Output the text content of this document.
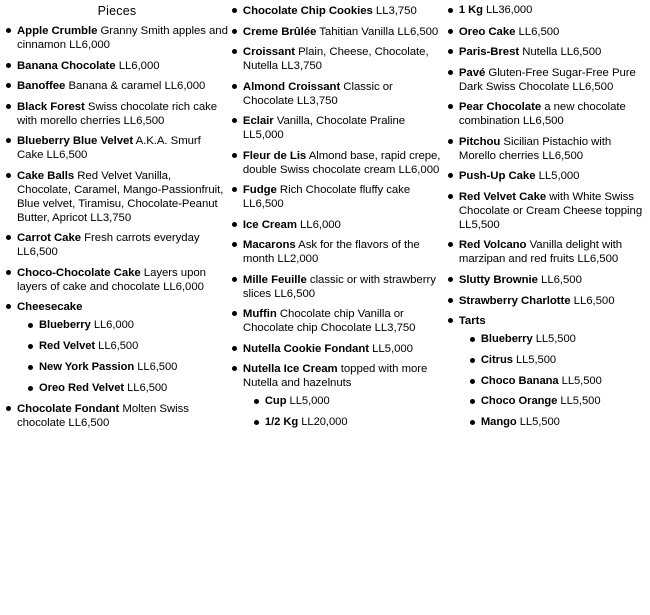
Pieces
Apple Crumble Granny Smith apples and cinnamon LL6,000
Banana Chocolate LL6,000
Banoffee Banana & caramel LL6,000
Black Forest Swiss chocolate rich cake with morello cherries LL6,500
Blueberry Blue Velvet A.K.A. Smurf Cake LL6,500
Cake Balls Red Velvet Vanilla, Chocolate, Caramel, Mango-Passionfruit, Blue velvet, Tiramisu, Chocolate-Peanut Butter, Apricot LL3,750
Carrot Cake Fresh carrots everyday LL6,500
Choco-Chocolate Cake Layers upon layers of cake and chocolate LL6,000
Cheesecake
Blueberry LL6,000
Red Velvet LL6,500
New York Passion LL6,500
Oreo Red Velvet LL6,500
Chocolate Fondant Molten Swiss chocolate LL6,500
Chocolate Chip Cookies LL3,750
Creme Brûlée Tahitian Vanilla LL6,500
Croissant Plain, Cheese, Chocolate, Nutella LL3,750
Almond Croissant Classic or Chocolate LL3,750
Eclair Vanilla, Chocolate Praline LL5,000
Fleur de Lis Almond base, rapid crepe, double Swiss chocolate cream LL6,000
Fudge Rich Chocolate fluffy cake LL6,500
Ice Cream LL6,000
Macarons Ask for the flavors of the month LL2,000
Mille Feuille classic or with strawberry slices LL6,500
Muffin Chocolate chip Vanilla or Chocolate chip Chocolate LL3,750
Nutella Cookie Fondant LL5,000
Nutella Ice Cream topped with more Nutella and hazelnuts
Cup LL5,000
1/2 Kg LL20,000
1 Kg LL36,000
Oreo Cake LL6,500
Paris-Brest Nutella LL6,500
Pavé Gluten-Free Sugar-Free Pure Dark Swiss Chocolate LL6,500
Pear Chocolate a new chocolate combination LL6,500
Pitchou Sicilian Pistachio with Morello cherries LL6,500
Push-Up Cake LL5,000
Red Velvet Cake with White Swiss Chocolate or Cream Cheese topping LL5,500
Red Volcano Vanilla delight with marzipan and red fruits LL6,500
Slutty Brownie LL6,500
Strawberry Charlotte LL6,500
Tarts
Blueberry LL5,500
Citrus LL5,500
Choco Banana LL5,500
Choco Orange LL5,500
Mango LL5,500
